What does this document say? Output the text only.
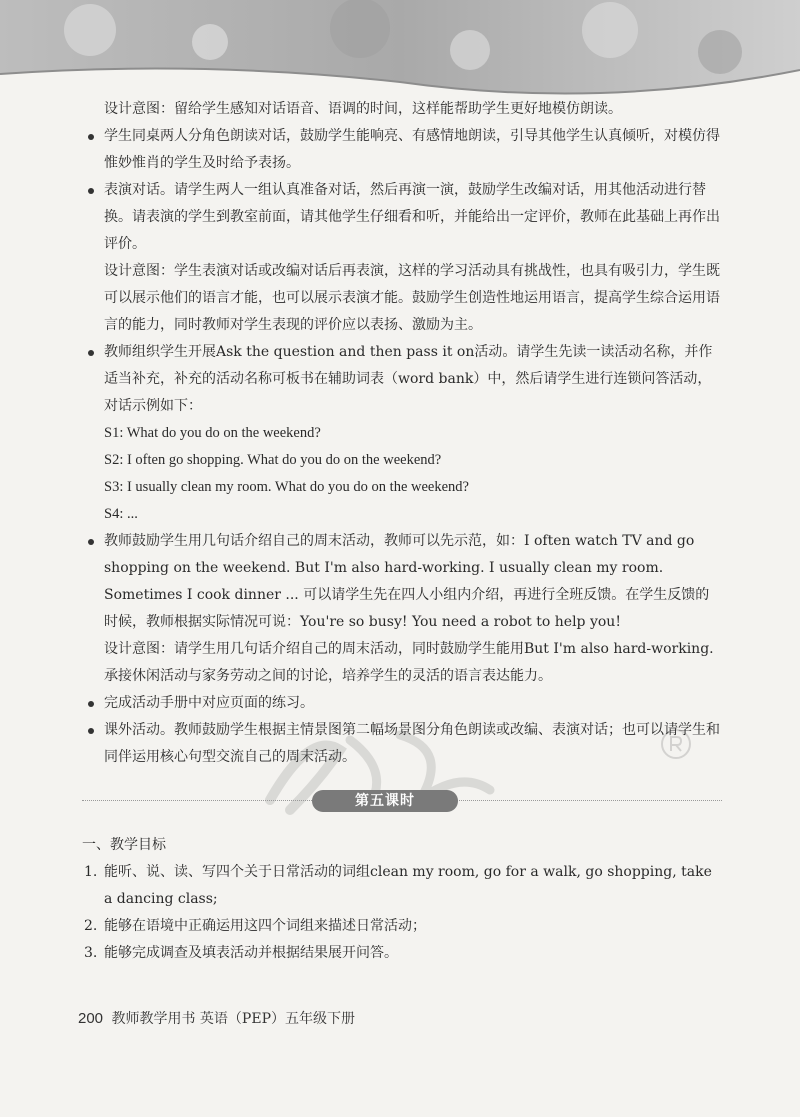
设计意图：留给学生感知对话语音、语调的时间，这样能帮助学生更好地模仿朗读。

学生同桌两人分角色朗读对话，鼓励学生能响亮、有感情地朗读，引导其他学生认真倾听，对模仿得惟妙惟肖的学生及时给予表扬。

表演对话。请学生两人一组认真准备对话，然后再演一演，鼓励学生改编对话，用其他活动进行替换。请表演的学生到教室前面，请其他学生仔细看和听，并能给出一定评价，教师在此基础上再作出评价。

设计意图：学生表演对话或改编对话后再表演，这样的学习活动具有挑战性，也具有吸引力，学生既可以展示他们的语言才能，也可以展示表演才能。鼓励学生创造性地运用语言，提高学生综合运用语言的能力，同时教师对学生表现的评价应以表扬、激励为主。

教师组织学生开展Ask the question and then pass it on活动。请学生先读一读活动名称，并作适当补充，补充的活动名称可板书在辅助词表（word bank）中，然后请学生进行连锁问答活动，对话示例如下：

S1: What do you do on the weekend?

S2: I often go shopping. What do you do on the weekend?

S3: I usually clean my room. What do you do on the weekend?

S4: ...

教师鼓励学生用几句话介绍自己的周末活动，教师可以先示范，如：I often watch TV and go shopping on the weekend. But I'm also hard-working. I usually clean my room. Sometimes I cook dinner ... 可以请学生先在四人小组内介绍，再进行全班反馈。在学生反馈的时候，教师根据实际情况可说：You're so busy! You need a robot to help you!

设计意图：请学生用几句话介绍自己的周末活动，同时鼓励学生能用But I'm also hard-working.承接休闲活动与家务劳动之间的讨论，培养学生的灵活的语言表达能力。

完成活动手册中对应页面的练习。

课外活动。教师鼓励学生根据主情景图第二幅场景图分角色朗读或改编、表演对话；也可以请学生和同伴运用核心句型交流自己的周末活动。

第五课时

一、教学目标

1. 能听、说、读、写四个关于日常活动的词组clean my room, go for a walk, go shopping, take a dancing class;

2. 能够在语境中正确运用这四个词组来描述日常活动；

3. 能够完成调查及填表活动并根据结果展开问答。

200 教师教学用书 英语（PEP）五年级下册
